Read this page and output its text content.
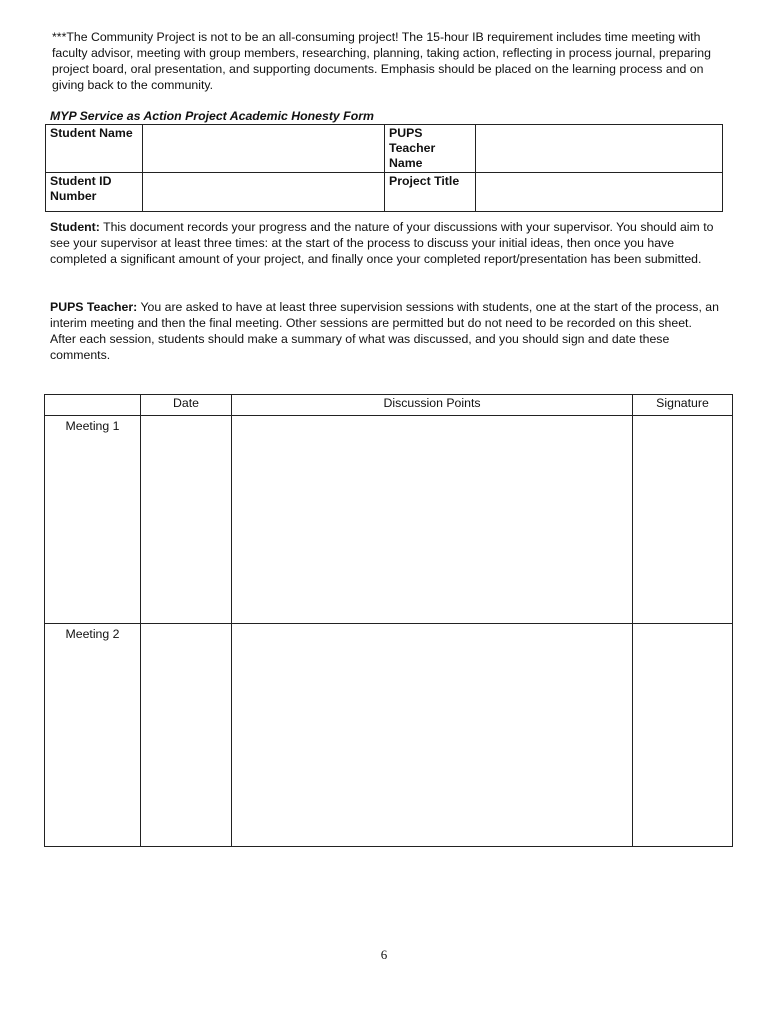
***The Community Project is not to be an all-consuming project! The 15-hour IB requirement includes time meeting with faculty advisor, meeting with group members, researching, planning, taking action, reflecting in process journal, preparing project board, oral presentation, and supporting documents. Emphasis should be placed on the learning process and on giving back to the community.
MYP Service as Action Project Academic Honesty Form
Student Name		PUPS Teacher Name	
Student ID Number		Project Title	
Student: This document records your progress and the nature of your discussions with your supervisor. You should aim to see your supervisor at least three times: at the start of the process to discuss your initial ideas, then once you have completed a significant amount of your project, and finally once your completed report/presentation has been submitted.
PUPS Teacher: You are asked to have at least three supervision sessions with students, one at the start of the process, an interim meeting and then the final meeting. Other sessions are permitted but do not need to be recorded on this sheet. After each session, students should make a summary of what was discussed, and you should sign and date these comments.
	Date	Discussion Points	Signature
Meeting 1			
Meeting 2			
6
